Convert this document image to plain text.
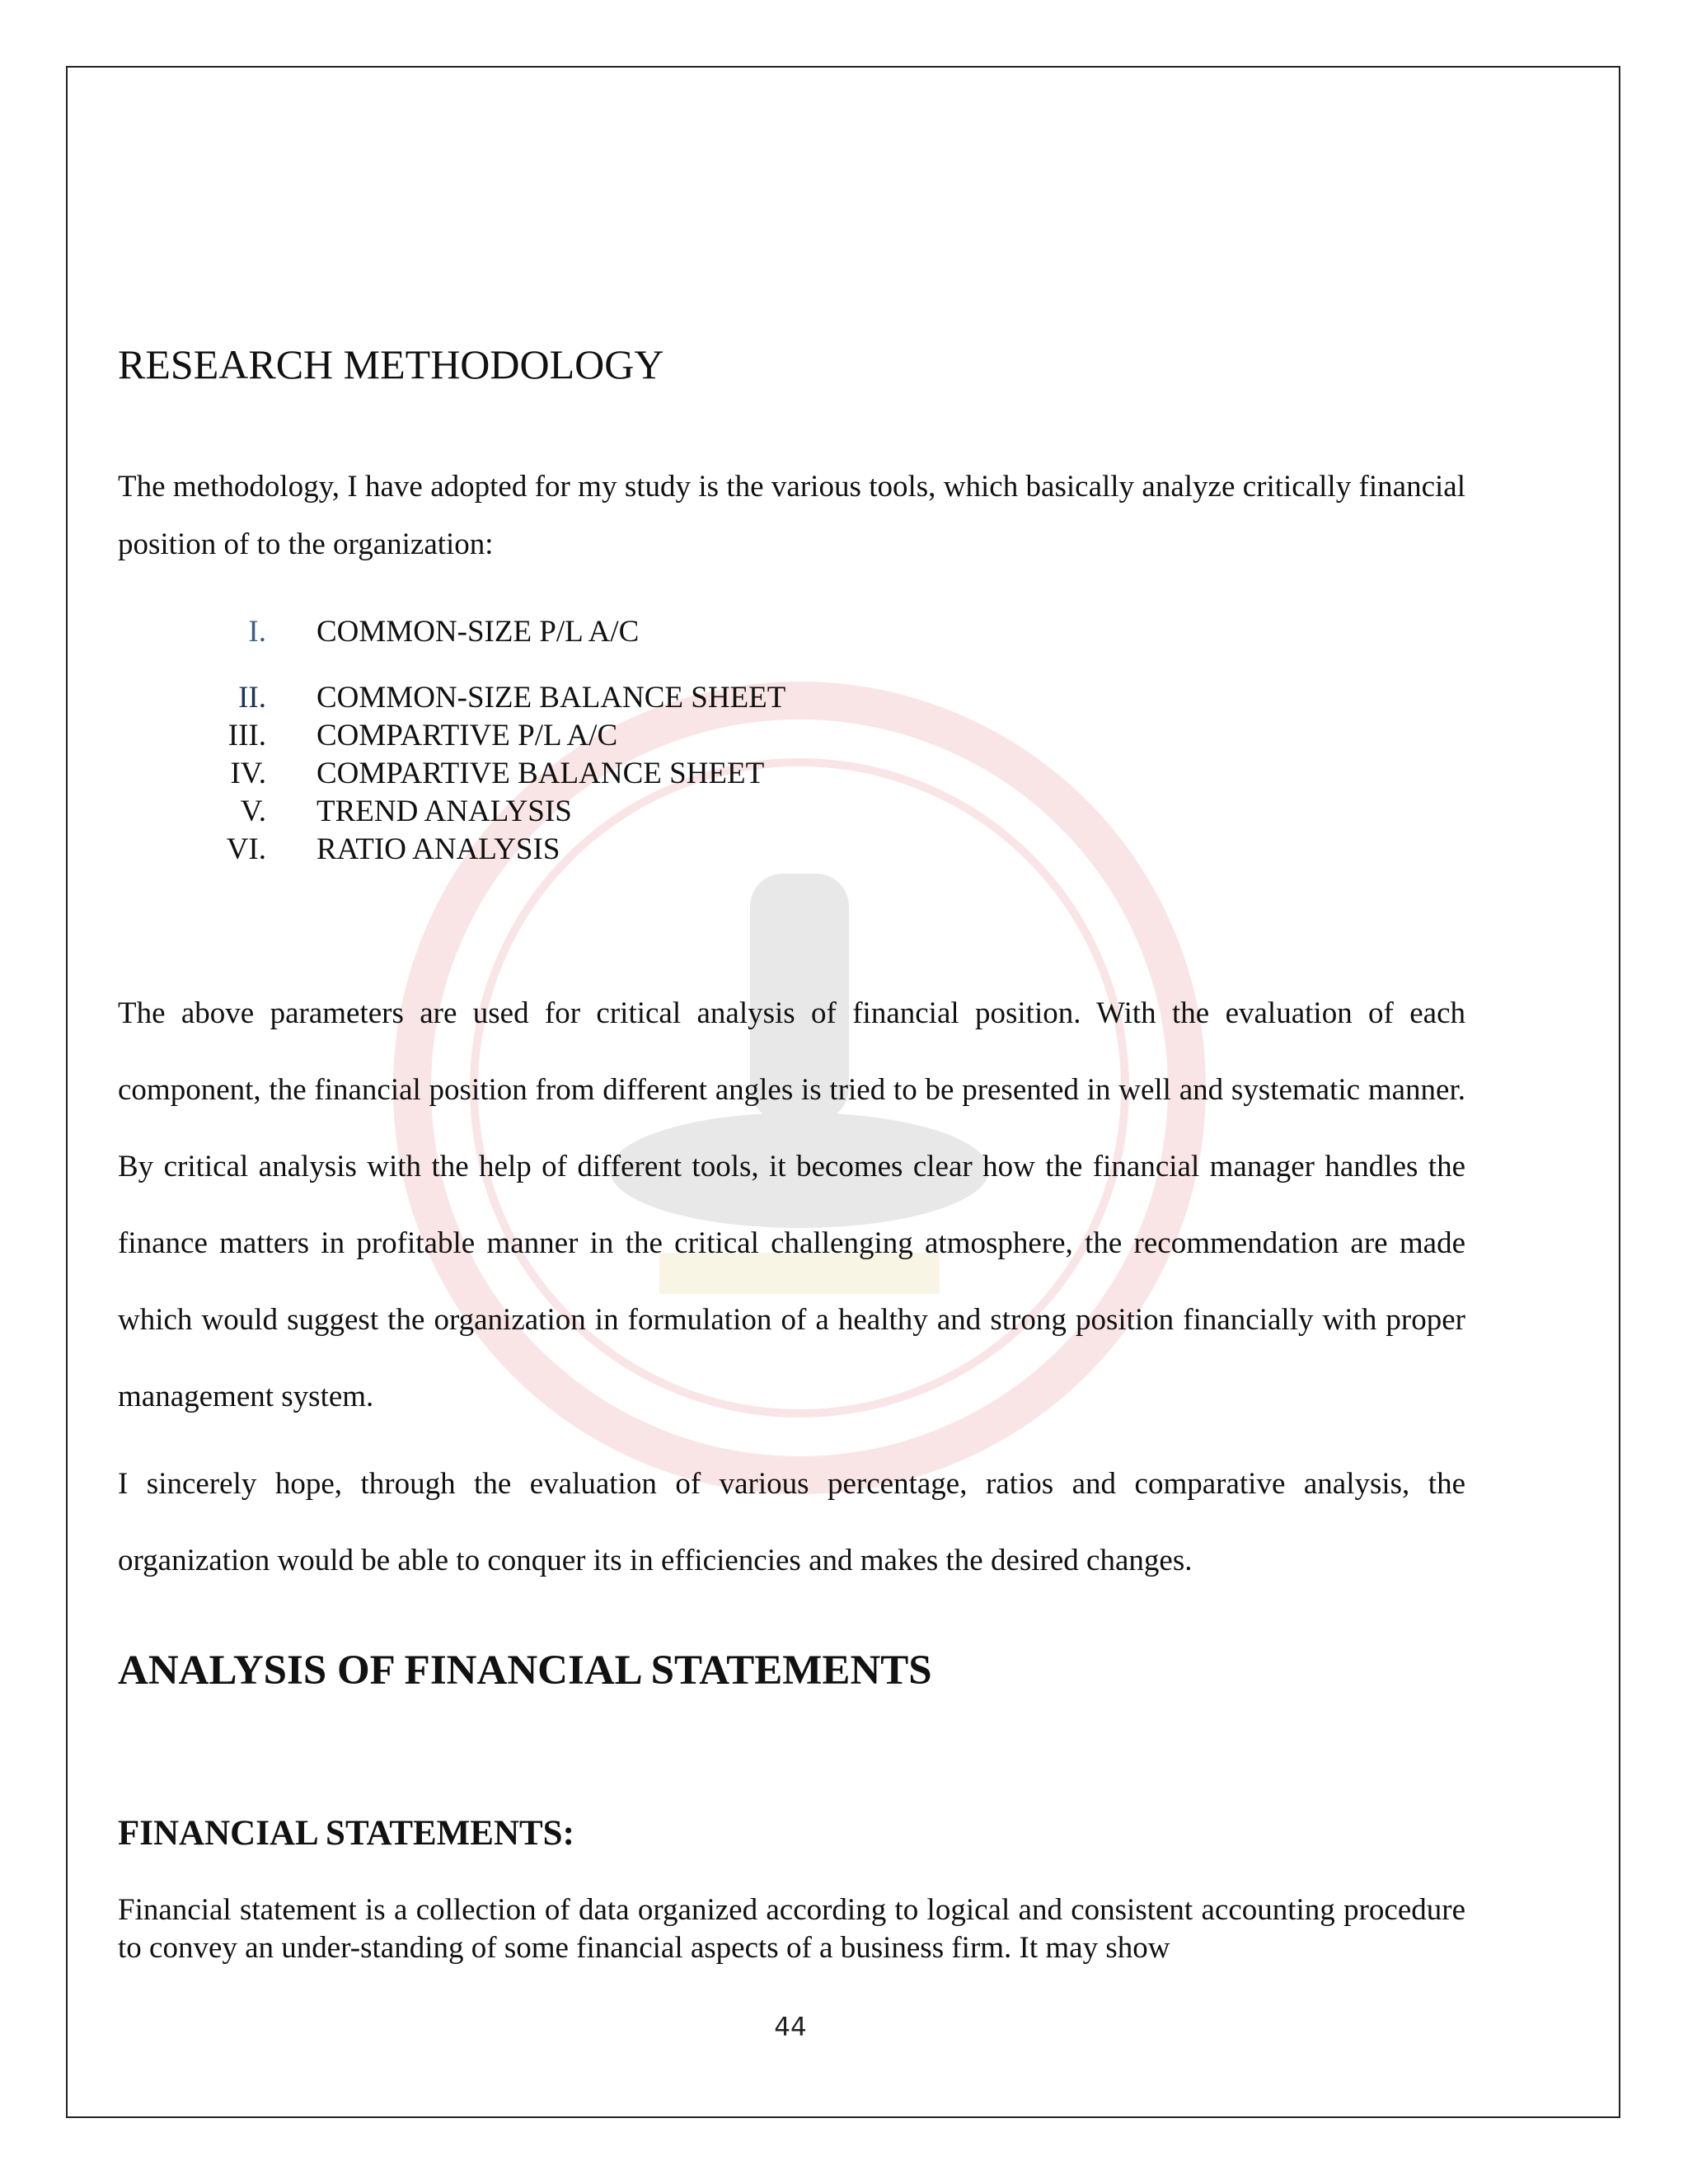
RESEARCH METHODOLOGY

The methodology, I have adopted for my study is the various tools, which basically analyze critically financial position of to the organization:

I. COMMON-SIZE P/L A/C
II. COMMON-SIZE BALANCE SHEET
III. COMPARTIVE P/L A/C
IV. COMPARTIVE BALANCE SHEET
V. TREND ANALYSIS
VI. RATIO ANALYSIS

The above parameters are used for critical analysis of financial position. With the evaluation of each component, the financial position from different angles is tried to be presented in well and systematic manner. By critical analysis with the help of different tools, it becomes clear how the financial manager handles the finance matters in profitable manner in the critical challenging atmosphere, the recommendation are made which would suggest the organization in formulation of a healthy and strong position financially with proper management system.

I sincerely hope, through the evaluation of various percentage, ratios and comparative analysis, the organization would be able to conquer its in efficiencies and makes the desired changes.

ANALYSIS OF FINANCIAL STATEMENTS
FINANCIAL STATEMENTS:

Financial statement is a collection of data organized according to logical and consistent accounting procedure to convey an under-standing of some financial aspects of a business firm. It may show

44
